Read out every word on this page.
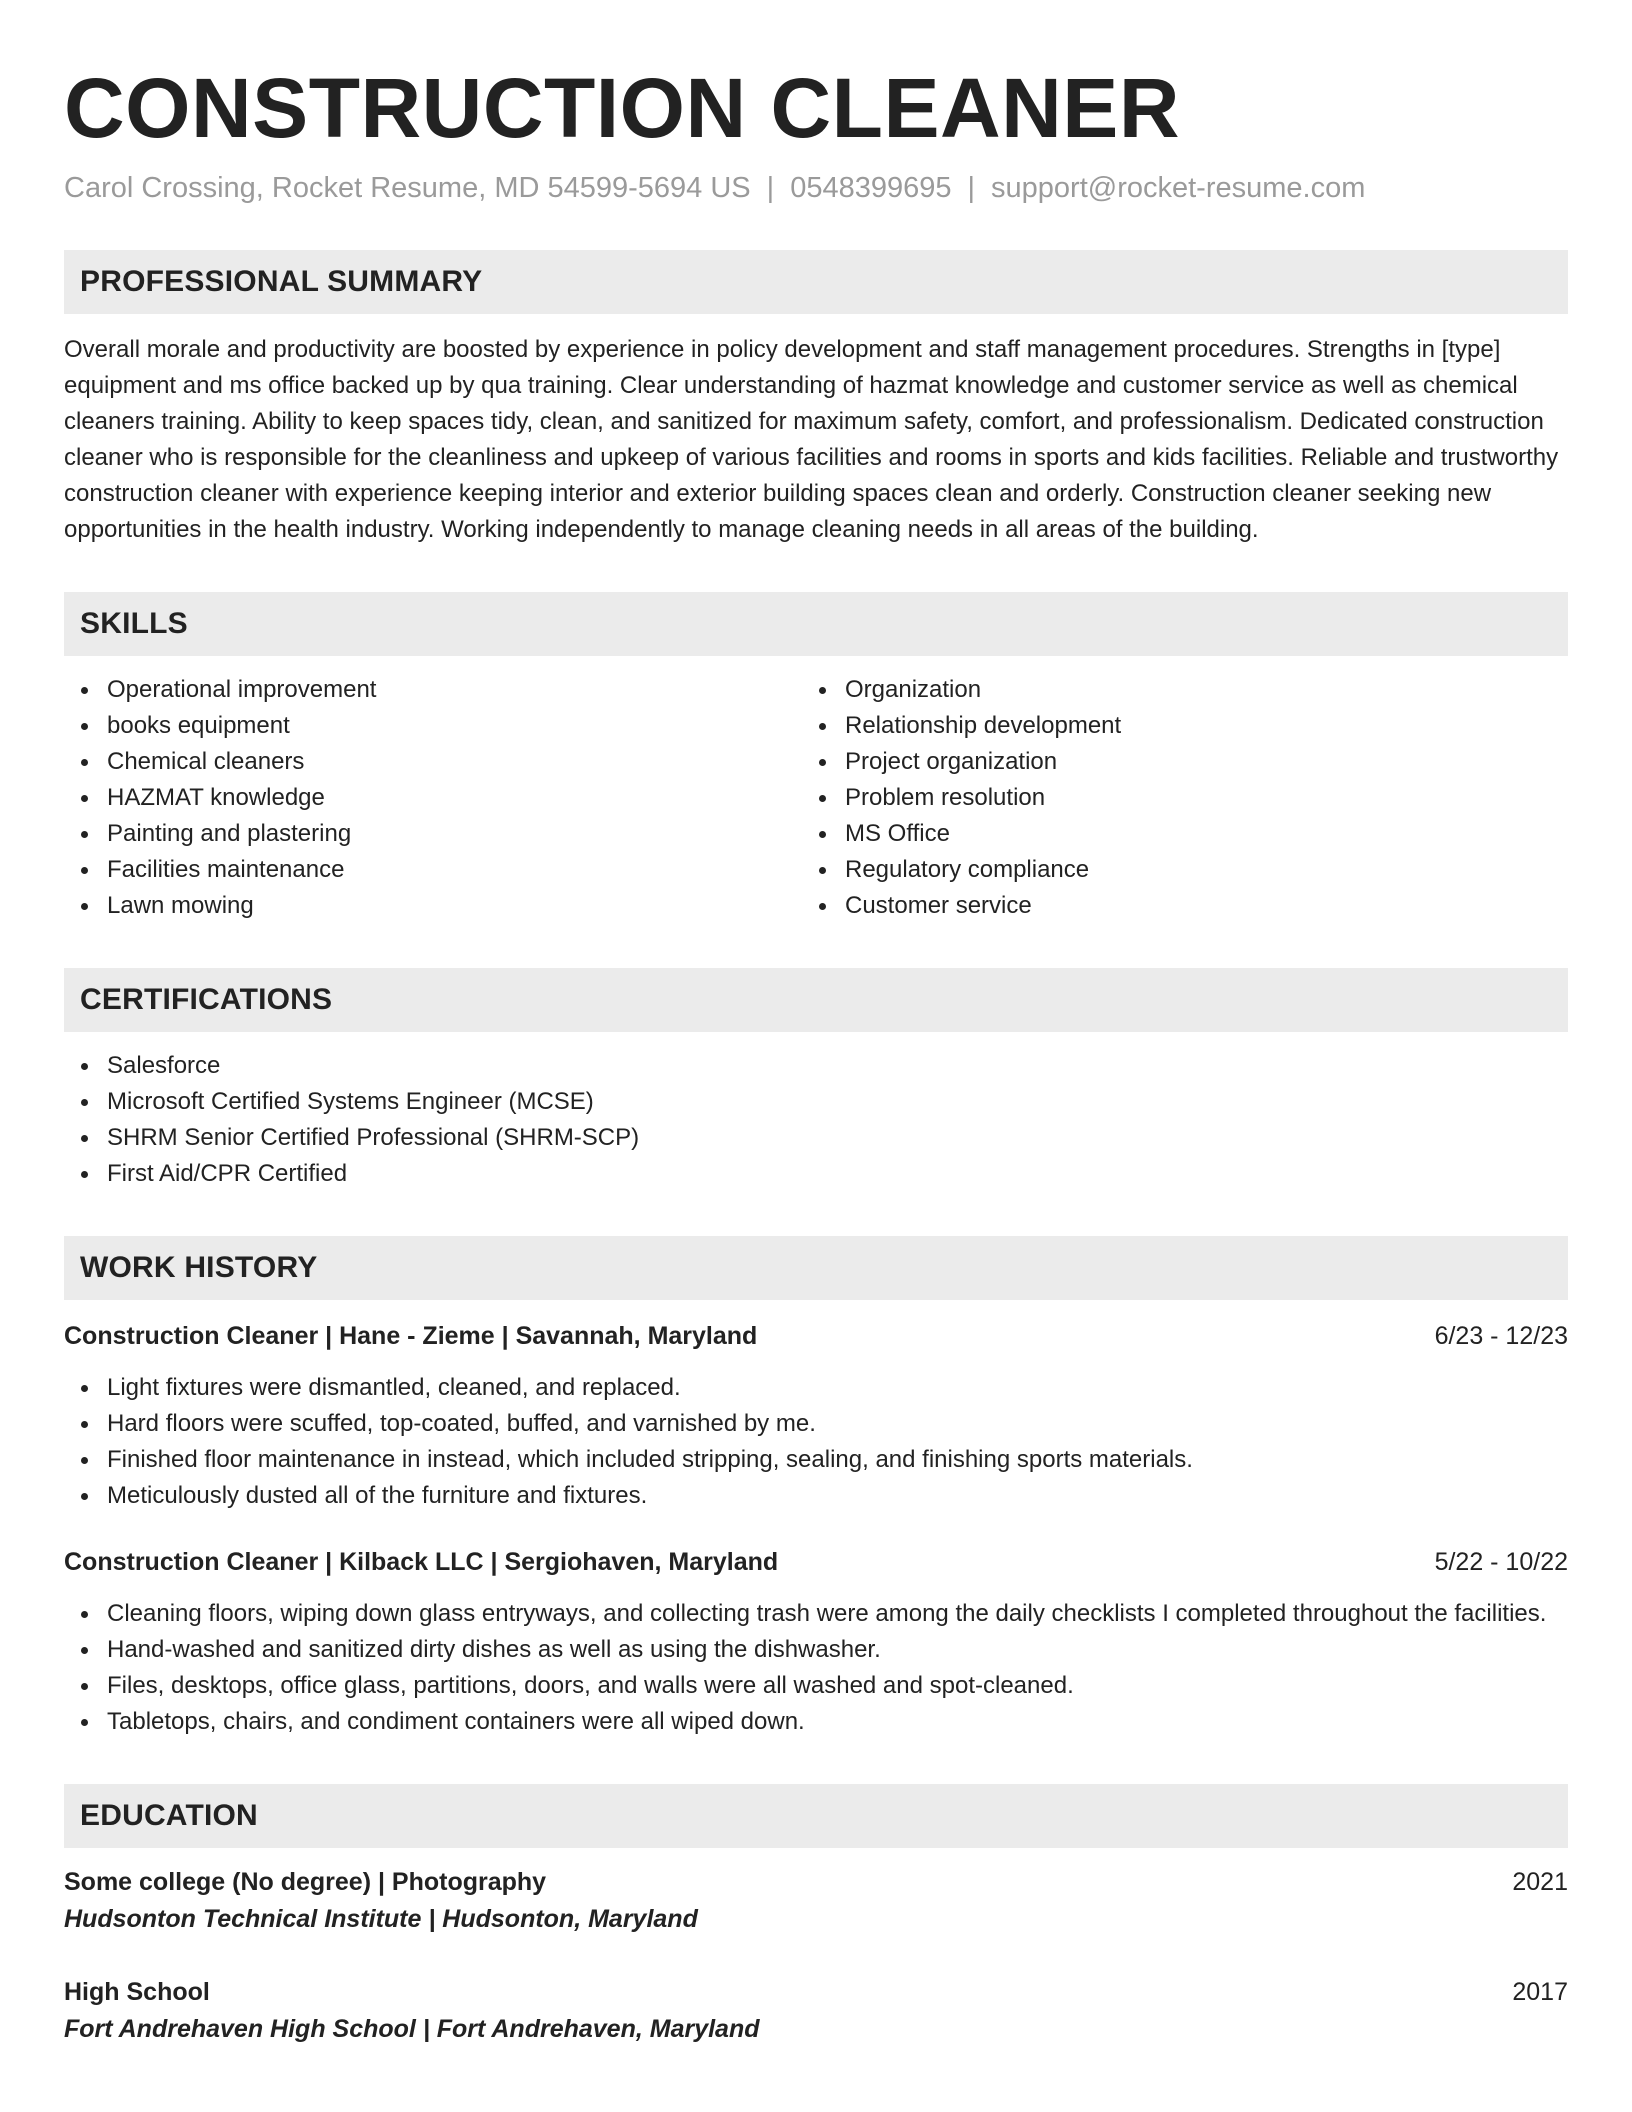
CONSTRUCTION CLEANER
Carol Crossing, Rocket Resume, MD 54599-5694 US | 0548399695 | support@rocket-resume.com
PROFESSIONAL SUMMARY

Overall morale and productivity are boosted by experience in policy development and staff management procedures. Strengths in [type] equipment and ms office backed up by qua training. Clear understanding of hazmat knowledge and customer service as well as chemical cleaners training. Ability to keep spaces tidy, clean, and sanitized for maximum safety, comfort, and professionalism. Dedicated construction cleaner who is responsible for the cleanliness and upkeep of various facilities and rooms in sports and kids facilities. Reliable and trustworthy construction cleaner with experience keeping interior and exterior building spaces clean and orderly. Construction cleaner seeking new opportunities in the health industry. Working independently to manage cleaning needs in all areas of the building.

SKILLS
Operational improvement
books equipment
Chemical cleaners
HAZMAT knowledge
Painting and plastering
Facilities maintenance
Lawn mowing
Organization
Relationship development
Project organization
Problem resolution
MS Office
Regulatory compliance
Customer service
CERTIFICATIONS
Salesforce
Microsoft Certified Systems Engineer (MCSE)
SHRM Senior Certified Professional (SHRM-SCP)
First Aid/CPR Certified
WORK HISTORY
Construction Cleaner | Hane - Zieme | Savannah, Maryland	6/23 - 12/23
Light fixtures were dismantled, cleaned, and replaced.
Hard floors were scuffed, top-coated, buffed, and varnished by me.
Finished floor maintenance in instead, which included stripping, sealing, and finishing sports materials.
Meticulously dusted all of the furniture and fixtures.
Construction Cleaner | Kilback LLC | Sergiohaven, Maryland	5/22 - 10/22
Cleaning floors, wiping down glass entryways, and collecting trash were among the daily checklists I completed throughout the facilities.
Hand-washed and sanitized dirty dishes as well as using the dishwasher.
Files, desktops, office glass, partitions, doors, and walls were all washed and spot-cleaned.
Tabletops, chairs, and condiment containers were all wiped down.
EDUCATION
Some college (No degree) | Photography	2021
Hudsonton Technical Institute | Hudsonton, Maryland
High School	2017
Fort Andrehaven High School | Fort Andrehaven, Maryland
